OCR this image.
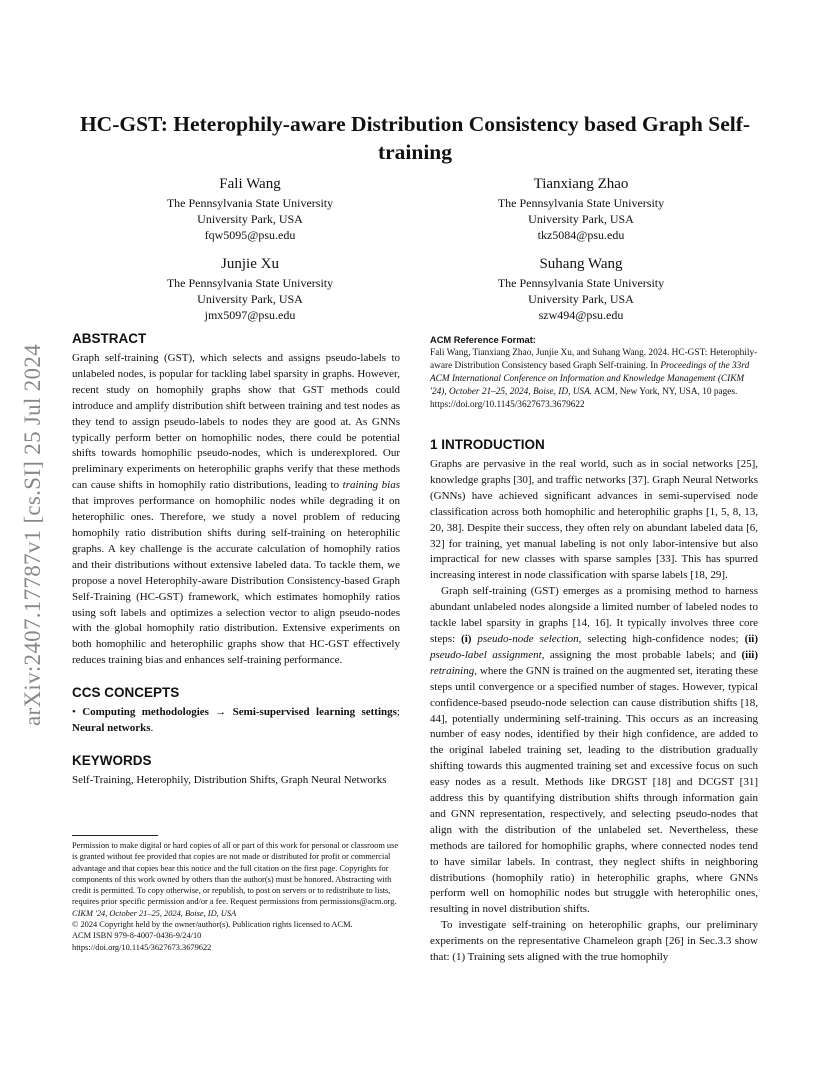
HC-GST: Heterophily-aware Distribution Consistency based Graph Self-training
Fali Wang
The Pennsylvania State University
University Park, USA
fqw5095@psu.edu
Tianxiang Zhao
The Pennsylvania State University
University Park, USA
tkz5084@psu.edu
Junjie Xu
The Pennsylvania State University
University Park, USA
jmx5097@psu.edu
Suhang Wang
The Pennsylvania State University
University Park, USA
szw494@psu.edu
arXiv:2407.17787v1 [cs.SI] 25 Jul 2024

ABSTRACT

Graph self-training (GST), which selects and assigns pseudo-labels to unlabeled nodes, is popular for tackling label sparsity in graphs. However, recent study on homophily graphs show that GST methods could introduce and amplify distribution shift between training and test nodes as they tend to assign pseudo-labels to nodes they are good at. As GNNs typically perform better on homophilic nodes, there could be potential shifts towards homophilic pseudo-nodes, which is underexplored. Our preliminary experiments on heterophilic graphs verify that these methods can cause shifts in homophily ratio distributions, leading to training bias that improves performance on homophilic nodes while degrading it on heterophilic ones. Therefore, we study a novel problem of reducing homophily ratio distribution shifts during self-training on heterophilic graphs. A key challenge is the accurate calculation of homophily ratios and their distributions without extensive labeled data. To tackle them, we propose a novel Heterophily-aware Distribution Consistency-based Graph Self-Training (HC-GST) framework, which estimates homophily ratios using soft labels and optimizes a selection vector to align pseudo-nodes with the global homophily ratio distribution. Extensive experiments on both homophilic and heterophilic graphs show that HC-GST effectively reduces training bias and enhances self-training performance.

CCS CONCEPTS

• Computing methodologies → Semi-supervised learning settings; Neural networks.

KEYWORDS

Self-Training, Heterophily, Distribution Shifts, Graph Neural Networks

Permission to make digital or hard copies of all or part of this work for personal or classroom use is granted without fee provided that copies are not made or distributed for profit or commercial advantage and that copies bear this notice and the full citation on the first page. Copyrights for components of this work owned by others than the author(s) must be honored. Abstracting with credit is permitted. To copy otherwise, or republish, to post on servers or to redistribute to lists, requires prior specific permission and/or a fee. Request permissions from permissions@acm.org.

CIKM '24, October 21–25, 2024, Boise, ID, USA

© 2024 Copyright held by the owner/author(s). Publication rights licensed to ACM.

ACM ISBN 979-8-4007-0436-9/24/10

https://doi.org/10.1145/3627673.3679622

ACM Reference Format:

Fali Wang, Tianxiang Zhao, Junjie Xu, and Suhang Wang. 2024. HC-GST: Heterophily-aware Distribution Consistency based Graph Self-training. In Proceedings of the 33rd ACM International Conference on Information and Knowledge Management (CIKM '24), October 21–25, 2024, Boise, ID, USA. ACM, New York, NY, USA, 10 pages. https://doi.org/10.1145/3627673.3679622

1 INTRODUCTION

Graphs are pervasive in the real world, such as in social networks [25], knowledge graphs [30], and traffic networks [37]. Graph Neural Networks (GNNs) have achieved significant advances in semi-supervised node classification across both homophilic and heterophilic graphs [1, 5, 8, 13, 20, 38]. Despite their success, they often rely on abundant labeled data [6, 32] for training, yet manual labeling is not only labor-intensive but also impractical for new classes with sparse samples [33]. This has spurred increasing interest in node classification with sparse labels [18, 29].

Graph self-training (GST) emerges as a promising method to harness abundant unlabeled nodes alongside a limited number of labeled nodes to tackle label sparsity in graphs [14, 16]. It typically involves three core steps: (i) pseudo-node selection, selecting high-confidence nodes; (ii) pseudo-label assignment, assigning the most probable labels; and (iii) retraining, where the GNN is trained on the augmented set, iterating these steps until convergence or a specified number of stages. However, typical confidence-based pseudo-node selection can cause distribution shifts [18, 44], potentially undermining self-training. This occurs as an increasing number of easy nodes, identified by their high confidence, are added to the original labeled training set, leading to the distribution gradually shifting towards this augmented training set and excessive focus on such easy nodes as a result. Methods like DRGST [18] and DCGST [31] address this by quantifying distribution shifts through information gain and GNN representation, respectively, and selecting pseudo-nodes that align with the distribution of the unlabeled set. Nevertheless, these methods are tailored for homophilic graphs, where connected nodes tend to have similar labels. In contrast, they neglect shifts in neighboring distributions (homophily ratio) in heterophilic graphs, where GNNs perform well on homophilic nodes but struggle with heterophilic ones, resulting in novel distribution shifts.

To investigate self-training on heterophilic graphs, our preliminary experiments on the representative Chameleon graph [26] in Sec.3.3 show that: (1) Training sets aligned with the true homophily
